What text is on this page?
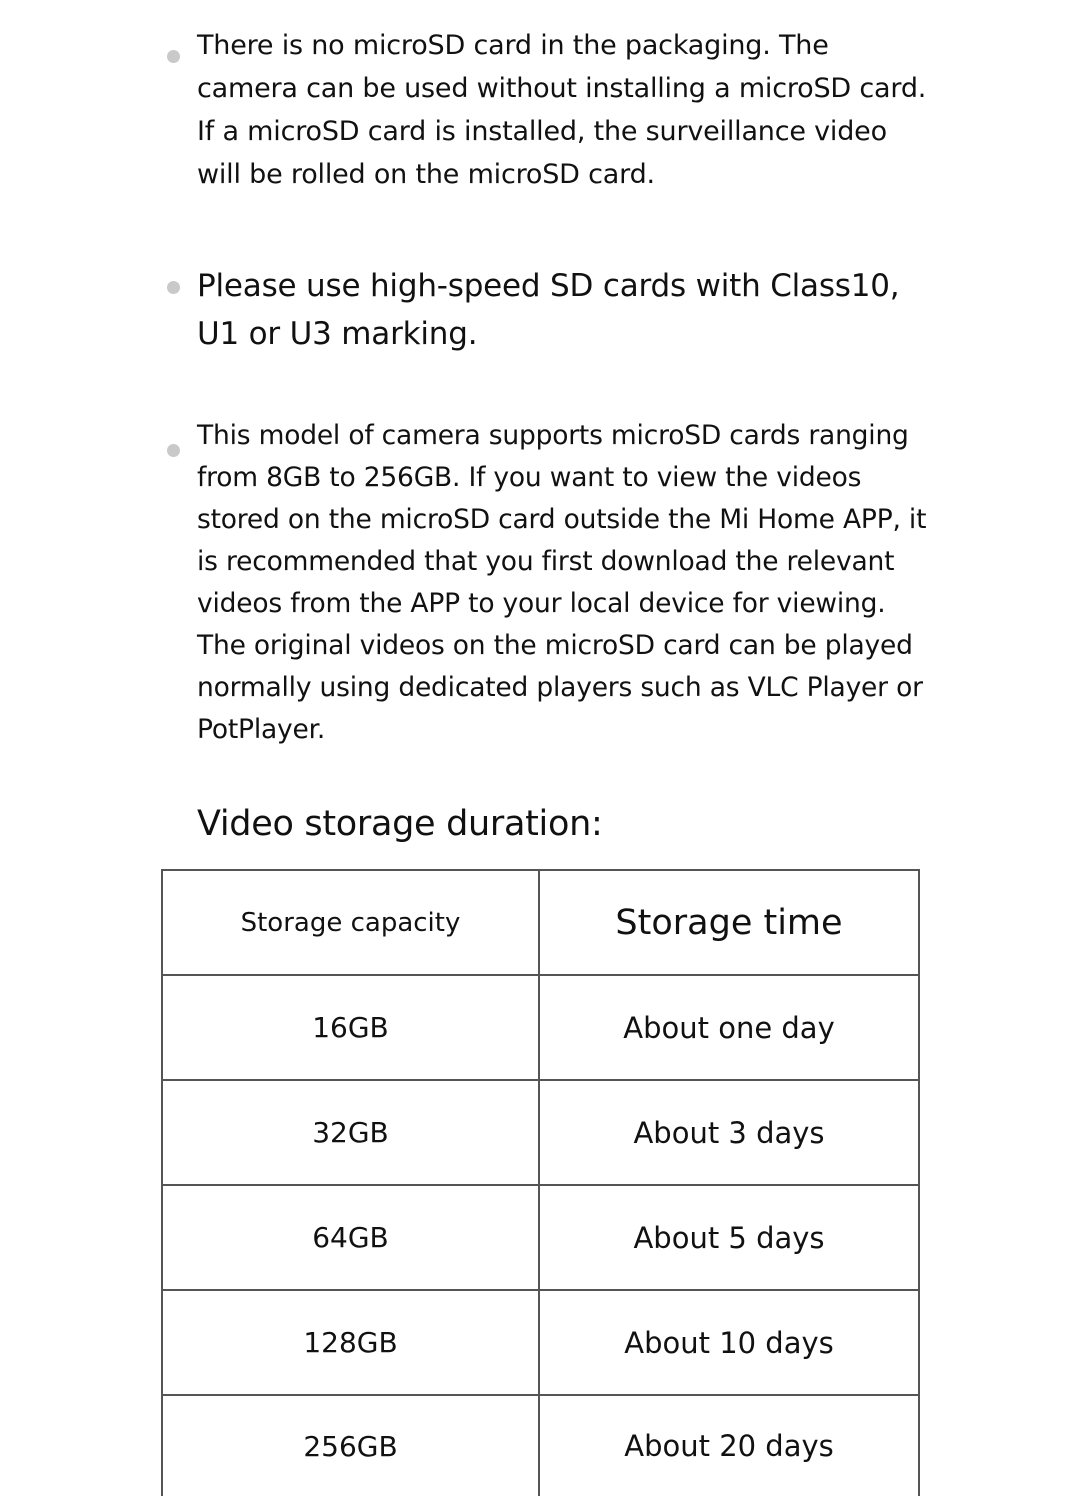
There is no microSD card in the packaging. The camera can be used without installing a microSD card. If a microSD card is installed, the surveillance video will be rolled on the microSD card.

Please use high-speed SD cards with Class10, U1 or U3 marking.

This model of camera supports microSD cards ranging from 8GB to 256GB. If you want to view the videos stored on the microSD card outside the Mi Home APP, it is recommended that you first download the relevant videos from the APP to your local device for viewing. The original videos on the microSD card can be played normally using dedicated players such as VLC Player or PotPlayer.

Video storage duration:
Storage capacity	Storage time
16GB	About one day
32GB	About 3 days
64GB	About 5 days
128GB	About 10 days
256GB	About 20 days
